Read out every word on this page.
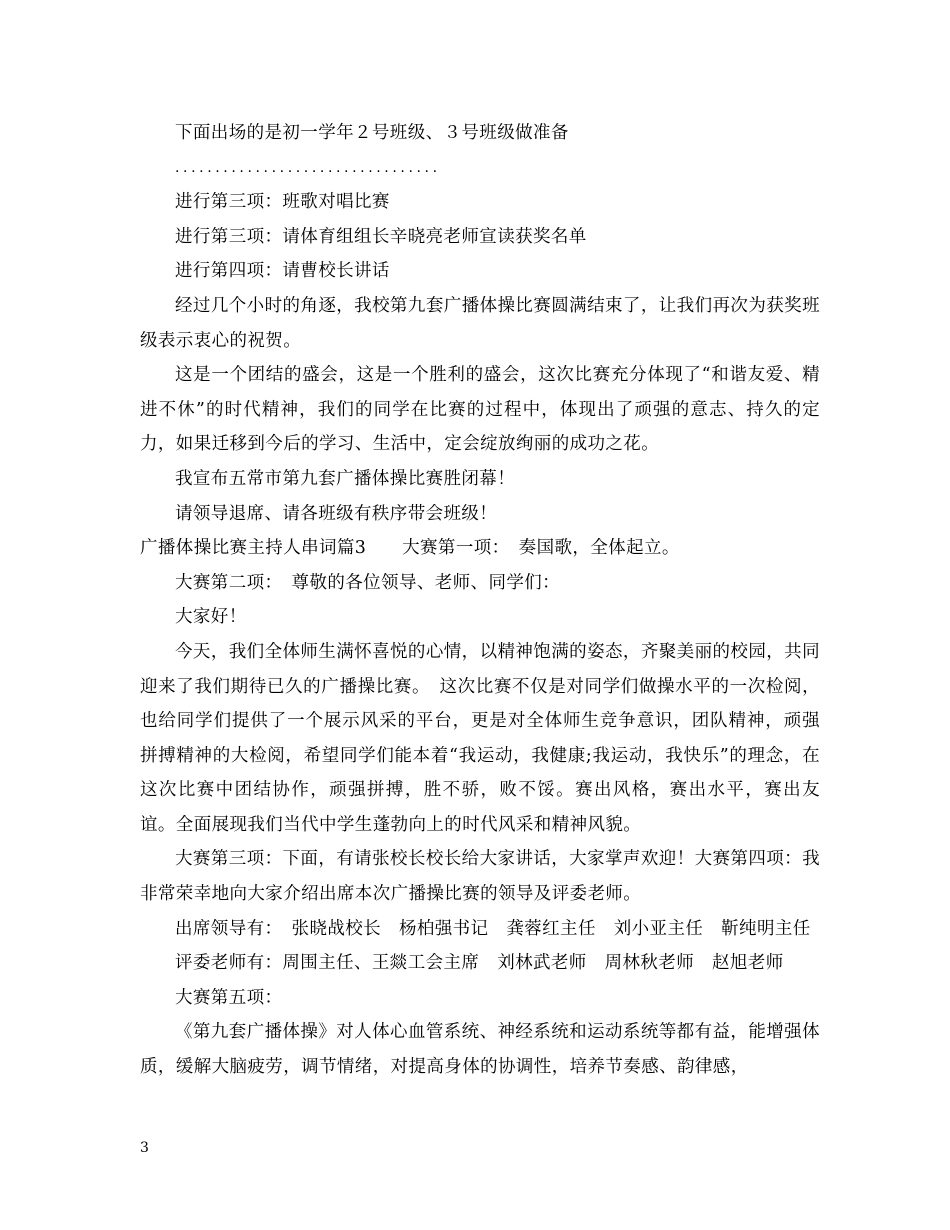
下面出场的是初一学年２号班级、３号班级做准备

.................................

进行第三项：班歌对唱比赛

进行第三项：请体育组组长辛晓亮老师宣读获奖名单

进行第四项：请曹校长讲话

经过几个小时的角逐，我校第九套广播体操比赛圆满结束了，让我们再次为获奖班级表示衷心的祝贺。

这是一个团结的盛会，这是一个胜利的盛会，这次比赛充分体现了“和谐友爱、精进不休”的时代精神，我们的同学在比赛的过程中，体现出了顽强的意志、持久的定力，如果迁移到今后的学习、生活中，定会绽放绚丽的成功之花。

我宣布五常市第九套广播体操比赛胜闭幕！

请领导退席、请各班级有秩序带会班级！

广播体操比赛主持人串词篇3　　大赛第一项：　奏国歌，全体起立。

大赛第二项：　尊敬的各位领导、老师、同学们：

大家好！

今天，我们全体师生满怀喜悦的心情，以精神饱满的姿态，齐聚美丽的校园，共同迎来了我们期待已久的广播操比赛。　这次比赛不仅是对同学们做操水平的一次检阅，也给同学们提供了一个展示风采的平台，更是对全体师生竞争意识，团队精神，顽强拼搏精神的大检阅，希望同学们能本着“我运动，我健康;我运动，我快乐”的理念，在这次比赛中团结协作，顽强拼搏，胜不骄，败不馁。赛出风格，赛出水平，赛出友谊。全面展现我们当代中学生蓬勃向上的时代风采和精神风貌。

大赛第三项：下面，有请张校长校长给大家讲话，大家掌声欢迎！大赛第四项：我非常荣幸地向大家介绍出席本次广播操比赛的领导及评委老师。

出席领导有：　张晓战校长　杨柏强书记　龚蓉红主任　刘小亚主任　靳纯明主任

评委老师有：周围主任、王燚工会主席　刘林武老师　周林秋老师　赵旭老师

大赛第五项：

《第九套广播体操》对人体心血管系统、神经系统和运动系统等都有益，能增强体质，缓解大脑疲劳，调节情绪，对提高身体的协调性，培养节奏感、韵律感，

3
